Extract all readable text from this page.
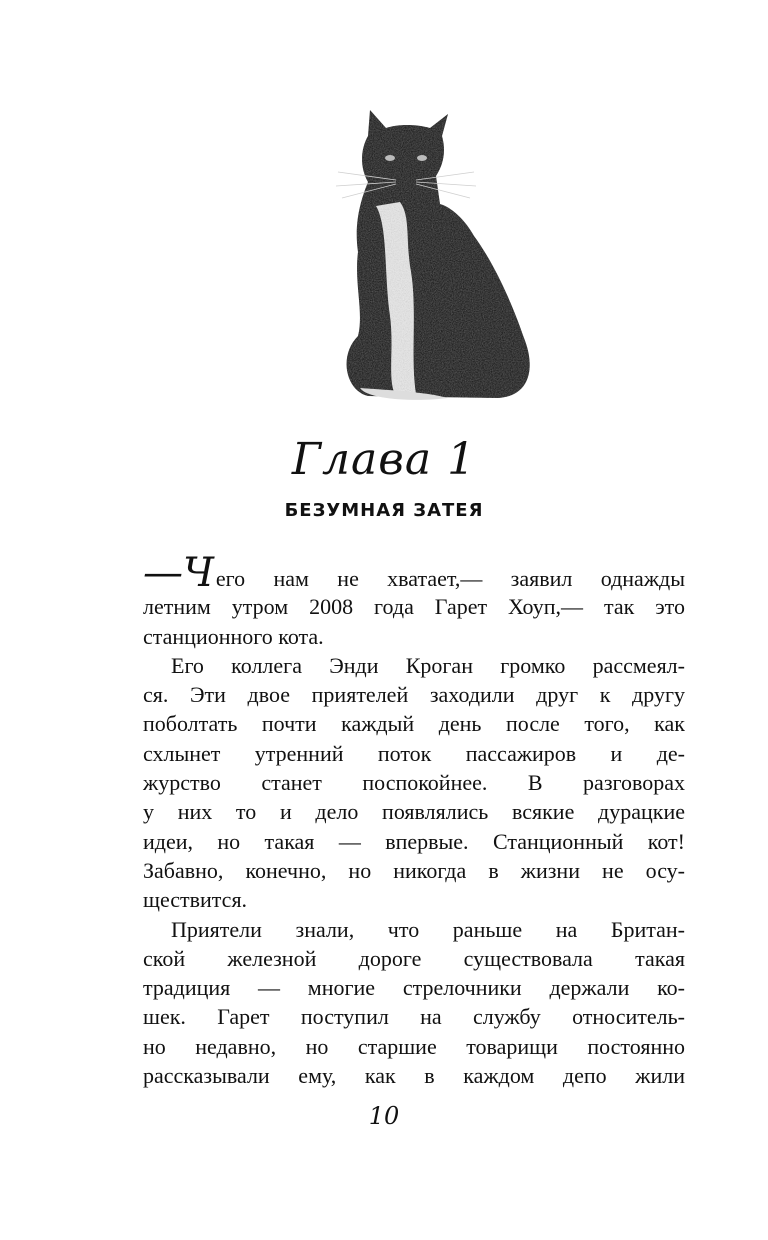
Глава 1
БЕЗУМНАЯ ЗАТЕЯ
—Чего нам не хватает,— заявил однажды
летним утром 2008 года Гарет Хоуп,— так это
станционного кота.
Его коллега Энди Кроган громко рассмеял-
ся. Эти двое приятелей заходили друг к другу
поболтать почти каждый день после того, как
схлынет утренний поток пассажиров и де-
журство станет поспокойнее. В разговорах
у них то и дело появлялись всякие дурацкие
идеи, но такая — впервые. Станционный кот!
Забавно, конечно, но никогда в жизни не осу-
ществится.
Приятели знали, что раньше на Британ-
ской железной дороге существовала такая
традиция — многие стрелочники держали ко-
шек. Гарет поступил на службу относитель-
но недавно, но старшие товарищи постоянно
рассказывали ему, как в каждом депо жили
10
